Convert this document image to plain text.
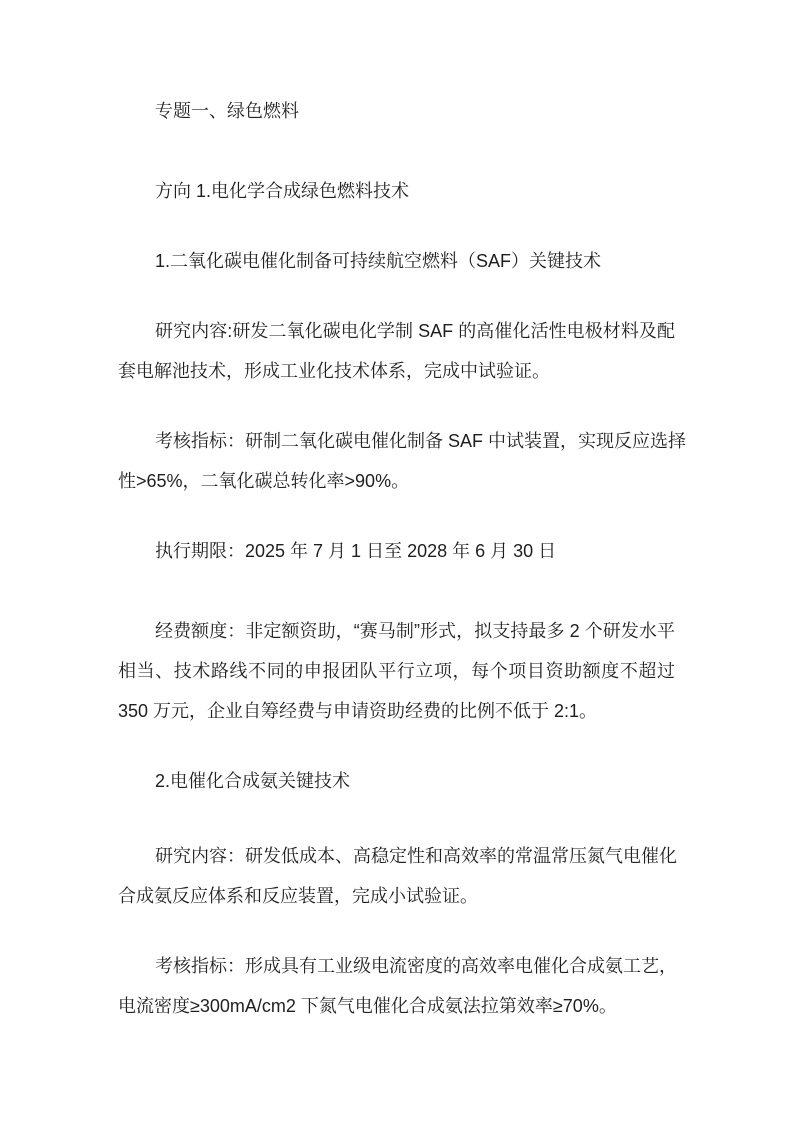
专题一、绿色燃料
方向 1.电化学合成绿色燃料技术
1.二氧化碳电催化制备可持续航空燃料（SAF）关键技术
研究内容:研发二氧化碳电化学制 SAF 的高催化活性电极材料及配
套电解池技术，形成工业化技术体系，完成中试验证。
考核指标：研制二氧化碳电催化制备 SAF 中试装置，实现反应选择
性>65%，二氧化碳总转化率>90%。
执行期限：2025 年 7 月 1 日至 2028 年 6 月 30 日
经费额度：非定额资助，“赛马制”形式，拟支持最多 2 个研发水平
相当、技术路线不同的申报团队平行立项，每个项目资助额度不超过
350 万元，企业自筹经费与申请资助经费的比例不低于 2:1。
2.电催化合成氨关键技术
研究内容：研发低成本、高稳定性和高效率的常温常压氮气电催化
合成氨反应体系和反应装置，完成小试验证。
考核指标：形成具有工业级电流密度的高效率电催化合成氨工艺，
电流密度≥300mA/cm2 下氮气电催化合成氨法拉第效率≥70%。
